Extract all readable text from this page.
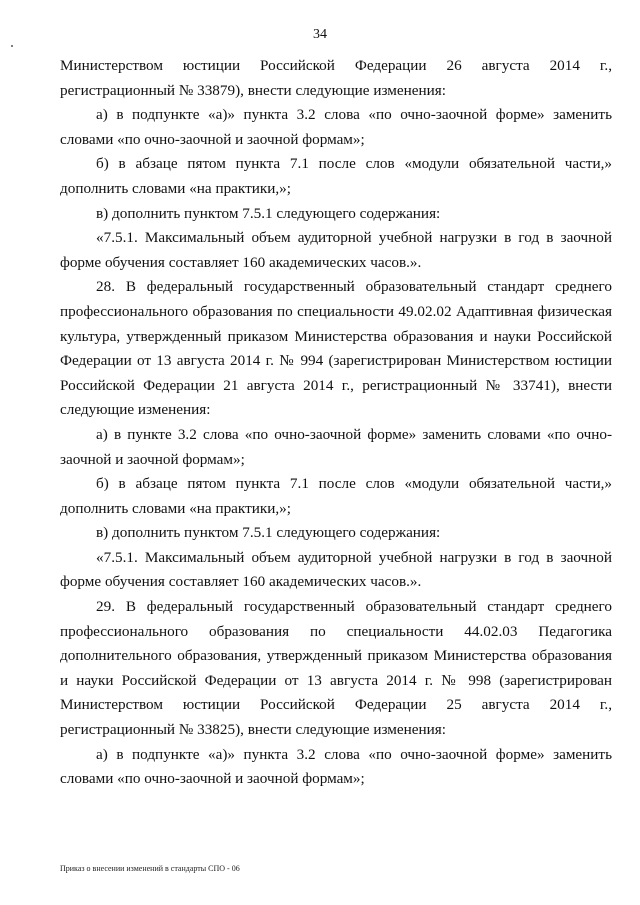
34

Министерством юстиции Российской Федерации 26 августа 2014 г., регистрационный № 33879), внести следующие изменения:

а) в подпункте «а)» пункта 3.2 слова «по очно-заочной форме» заменить словами «по очно-заочной и заочной формам»;

б) в абзаце пятом пункта 7.1 после слов «модули обязательной части,» дополнить словами «на практики,»;

в) дополнить пунктом 7.5.1 следующего содержания:

«7.5.1. Максимальный объем аудиторной учебной нагрузки в год в заочной форме обучения составляет 160 академических часов.».

28. В федеральный государственный образовательный стандарт среднего профессионального образования по специальности 49.02.02 Адаптивная физическая культура, утвержденный приказом Министерства образования и науки Российской Федерации от 13 августа 2014 г. № 994 (зарегистрирован Министерством юстиции Российской Федерации 21 августа 2014 г., регистрационный № 33741), внести следующие изменения:

а) в пункте 3.2 слова «по очно-заочной форме» заменить словами «по очно-заочной и заочной формам»;

б) в абзаце пятом пункта 7.1 после слов «модули обязательной части,» дополнить словами «на практики,»;

в) дополнить пунктом 7.5.1 следующего содержания:

«7.5.1. Максимальный объем аудиторной учебной нагрузки в год в заочной форме обучения составляет 160 академических часов.».

29. В федеральный государственный образовательный стандарт среднего профессионального образования по специальности 44.02.03 Педагогика дополнительного образования, утвержденный приказом Министерства образования и науки Российской Федерации от 13 августа 2014 г. № 998 (зарегистрирован Министерством юстиции Российской Федерации 25 августа 2014 г., регистрационный № 33825), внести следующие изменения:

а) в подпункте «а)» пункта 3.2 слова «по очно-заочной форме» заменить словами «по очно-заочной и заочной формам»;

Приказ о внесении изменений в стандарты СПО - 06
